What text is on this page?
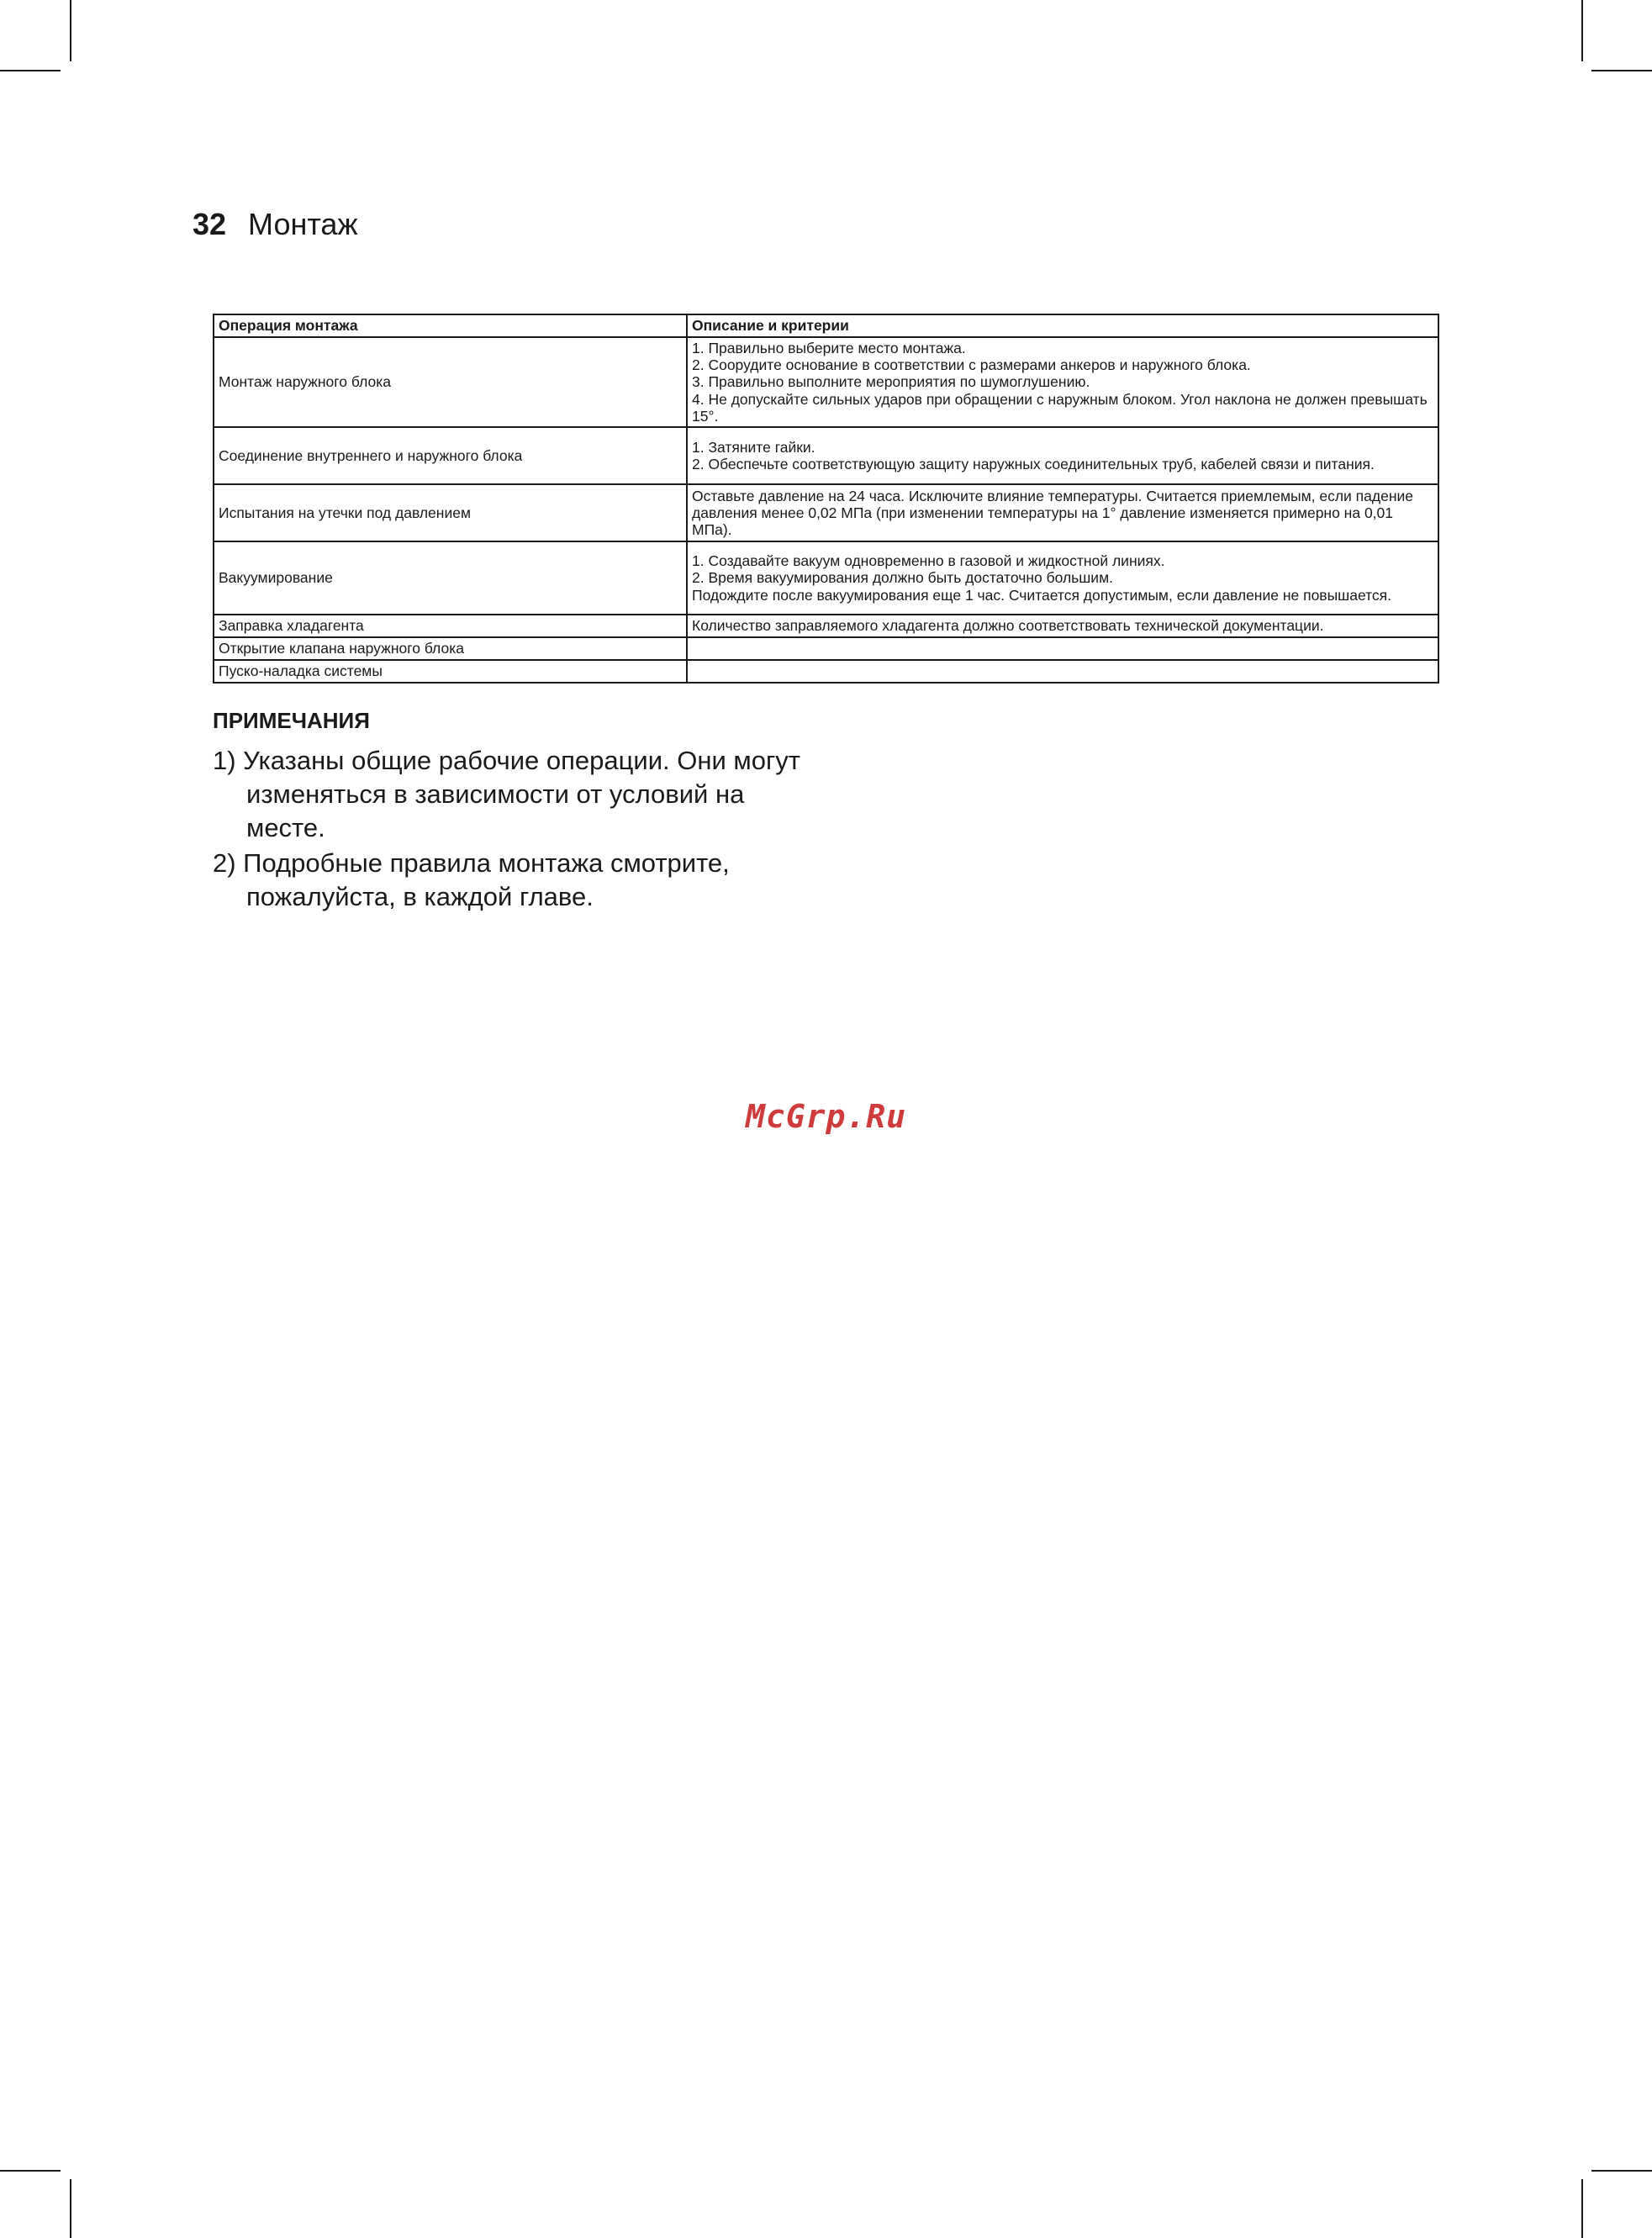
32 Монтаж
Операция монтажа	Описание и критерии
Монтаж наружного блока	1. Правильно выберите место монтажа.
2. Соорудите основание в соответствии с размерами анкеров и наружного блока.
3. Правильно выполните мероприятия по шумоглушению.
4. Не допускайте сильных ударов при обращении с наружным блоком. Угол наклона не должен превышать 15°.

Соединение внутреннего и наружного блока	1. Затяните гайки.
2. Обеспечьте соответствующую защиту наружных соединительных труб, кабелей связи и питания.

Испытания на утечки под давлением	Оставьте давление на 24 часа. Исключите влияние температуры. Считается приемлемым, если падение давления менее 0,02 МПа (при изменении температуры на 1° давление изменяется примерно на 0,01 МПа).

Вакуумирование	1. Создавайте вакуум одновременно в газовой и жидкостной линиях.
2. Время вакуумирования должно быть достаточно большим.
Подождите после вакуумирования еще 1 час. Считается допустимым, если давление не повышается.

Заправка хладагента	Количество заправляемого хладагента должно соответствовать технической документации.

Открытие клапана наружного блока	
Пуско-наладка системы	
ПРИМЕЧАНИЯ
1) Указаны общие рабочие операции. Они могут изменяться в зависимости от условий на месте.
2) Подробные правила монтажа смотрите, пожалуйста, в каждой главе.
McGrp.Ru
